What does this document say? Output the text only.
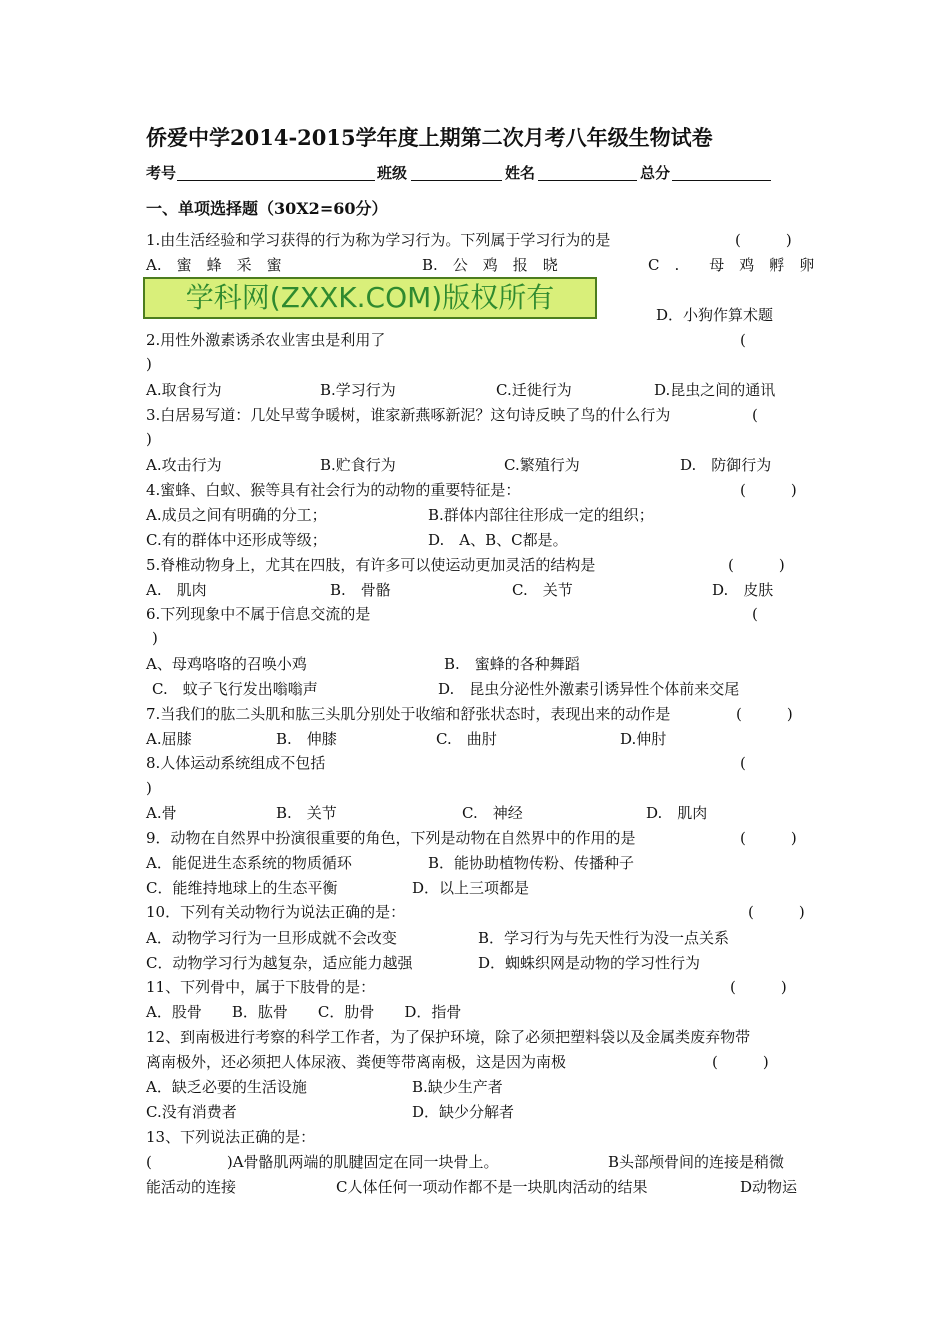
侨爱中学2014-2015学年度上期第二次月考八年级生物试卷
考号	班级	姓名	总分
一、单项选择题（30X2=60分）
学科网(ZXXK.COM)版权所有
1.由生活经验和学习获得的行为称为学习行为。下列属于学习行为的是	(　　　)
A.　蜜　蜂　采　蜜	B.　公　鸡　报　晓	C　.　　母　鸡　孵　卵
D．小狗作算术题
2.用性外激素诱杀农业害虫是利用了	(
)
A.取食行为	B.学习行为	C.迁徙行为	D.昆虫之间的通讯
3.白居易写道：几处早莺争暖树，谁家新燕啄新泥？这句诗反映了鸟的什么行为	(
)
A.攻击行为	B.贮食行为	C.繁殖行为	D.　防御行为
4.蜜蜂、白蚁、猴等具有社会行为的动物的重要特征是：	(　　　)
A.成员之间有明确的分工；	B.群体内部往往形成一定的组织；
C.有的群体中还形成等级；	D.　A、B、C都是。
5.脊椎动物身上，尤其在四肢，有许多可以使运动更加灵活的结构是	(　　　)
A.　肌肉	B.　骨骼	C.　关节	D.　皮肤
6.下列现象中不属于信息交流的是	(
)
A、母鸡咯咯的召唤小鸡	B.　蜜蜂的各种舞蹈
C.　蚊子飞行发出嗡嗡声	D.　昆虫分泌性外激素引诱异性个体前来交尾
7.当我们的肱二头肌和肱三头肌分别处于收缩和舒张状态时，表现出来的动作是	(　　　)
A.屈膝	B.　伸膝	C.　曲肘	D.伸肘
8.人体运动系统组成不包括	(
)
A.骨	B.　关节	C.　神经	D.　肌肉
9．动物在自然界中扮演很重要的角色，下列是动物在自然界中的作用的是	(　　　)
A．能促进生态系统的物质循环	B．能协助植物传粉、传播种子
C．能维持地球上的生态平衡	D．以上三项都是
10．下列有关动物行为说法正确的是：	(　　　)
A．动物学习行为一旦形成就不会改变	B．学习行为与先天性行为没一点关系
C．动物学习行为越复杂，适应能力越强	D．蜘蛛织网是动物的学习性行为
11、下列骨中，属于下肢骨的是：	(　　　)
A．股骨　　B．肱骨　　C．肋骨　　D．指骨
12、到南极进行考察的科学工作者，为了保护环境，除了必须把塑料袋以及金属类废弃物带
离南极外，还必须把人体尿液、粪便等带离南极，这是因为南极	(　　　)
A．缺乏必要的生活设施	B.缺少生产者
C.没有消费者	D．缺少分解者
13、下列说法正确的是：
(　　　　　)A骨骼肌两端的肌腱固定在同一块骨上。	B头部颅骨间的连接是稍微
能活动的连接	C人体任何一项动作都不是一块肌肉活动的结果	D动物运
